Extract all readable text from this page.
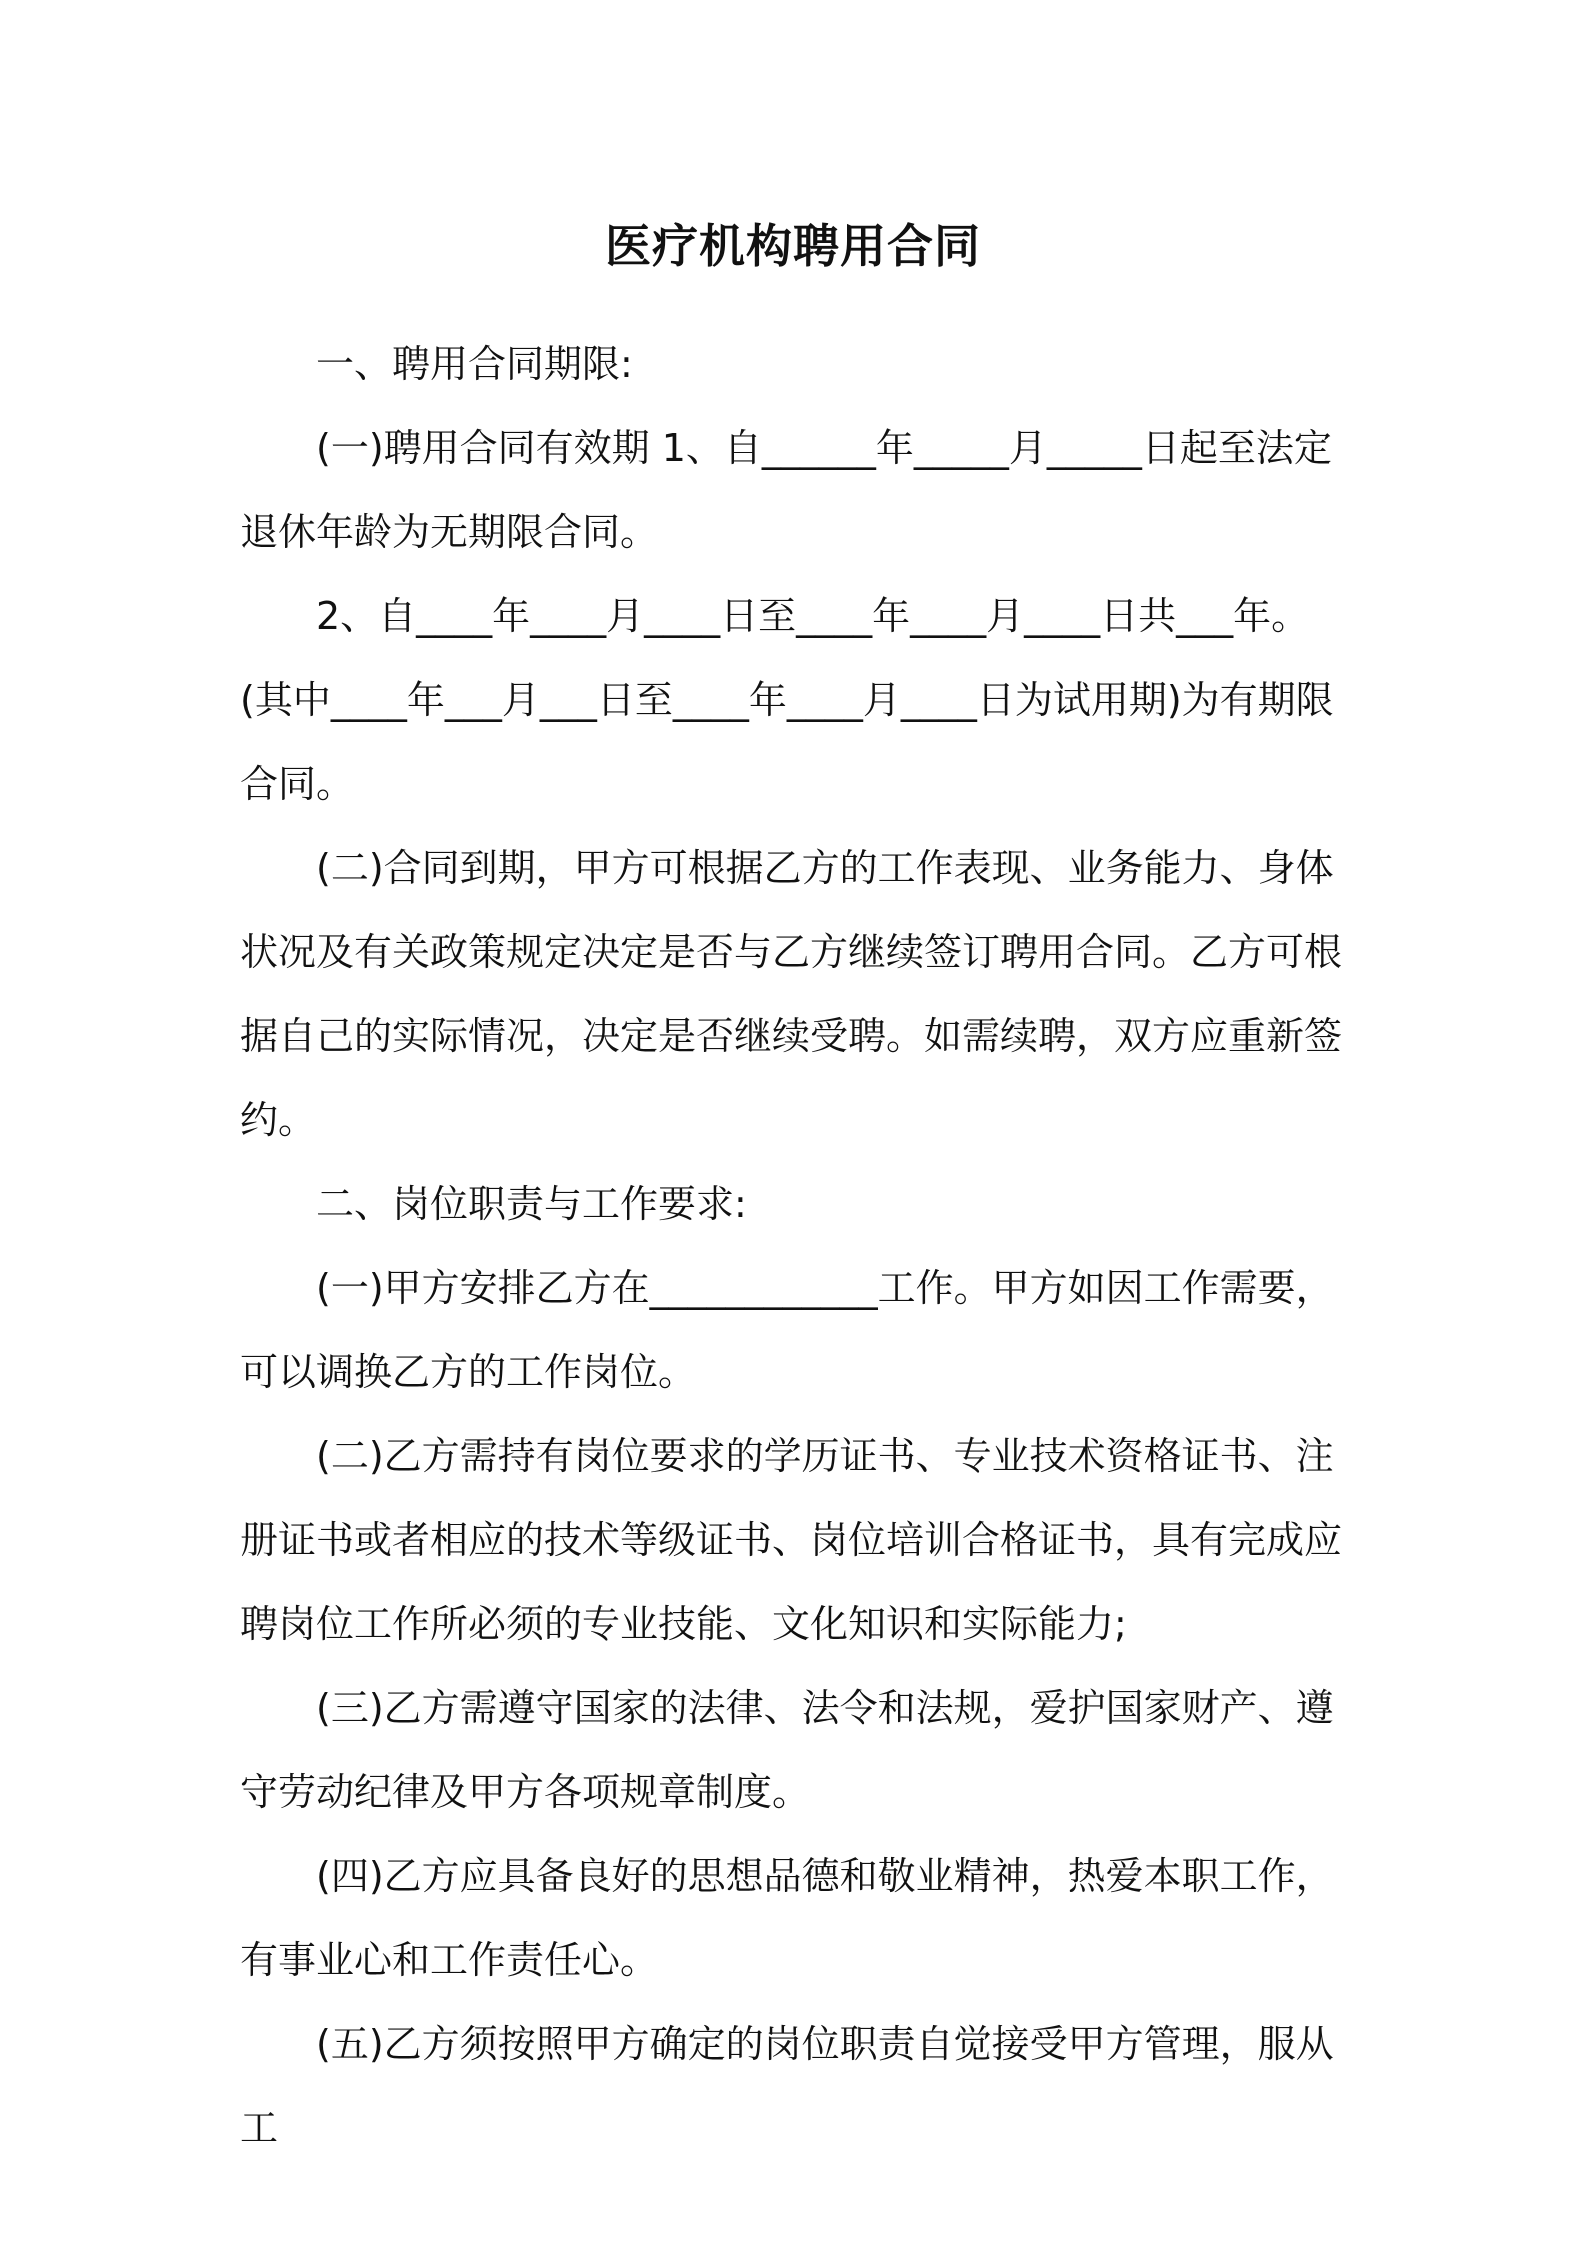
医疗机构聘用合同

一、聘用合同期限:

(一)聘用合同有效期 1、自______年_____月_____日起至法定退休年龄为无期限合同。

2、自____年____月____日至____年____月____日共___年。(其中____年___月___日至____年____月____日为试用期)为有期限合同。

(二)合同到期，甲方可根据乙方的工作表现、业务能力、身体状况及有关政策规定决定是否与乙方继续签订聘用合同。乙方可根据自己的实际情况，决定是否继续受聘。如需续聘，双方应重新签约。

二、岗位职责与工作要求:

(一)甲方安排乙方在____________工作。甲方如因工作需要，可以调换乙方的工作岗位。

(二)乙方需持有岗位要求的学历证书、专业技术资格证书、注册证书或者相应的技术等级证书、岗位培训合格证书，具有完成应聘岗位工作所必须的专业技能、文化知识和实际能力;

(三)乙方需遵守国家的法律、法令和法规，爱护国家财产、遵守劳动纪律及甲方各项规章制度。

(四)乙方应具备良好的思想品德和敬业精神，热爱本职工作，有事业心和工作责任心。

(五)乙方须按照甲方确定的岗位职责自觉接受甲方管理，服从工
